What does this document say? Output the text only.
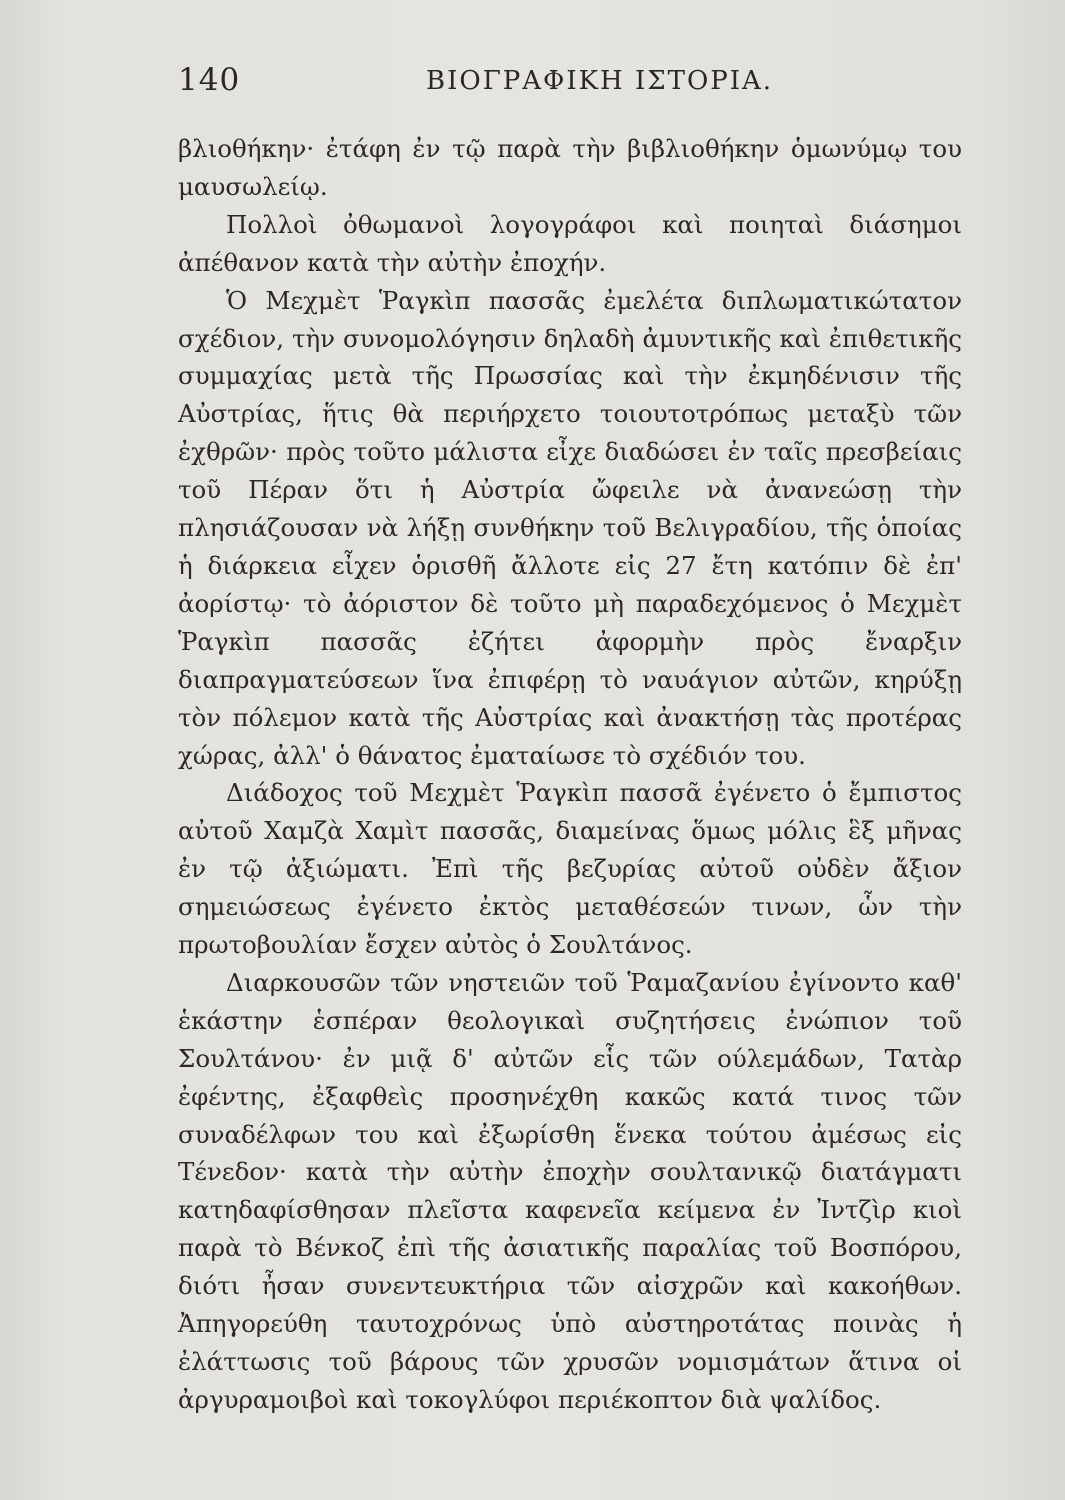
140	ΒΙΟΓΡΑΦΙΚΗ ΙΣΤΟΡΙΑ.

βλιοθήκην· ἐτάφη ἐν τῷ παρὰ τὴν βιβλιοθήκην ὁμωνύμῳ του μαυσωλείῳ.

Πολλοὶ ὀθωμανοὶ λογογράφοι καὶ ποιηταὶ διάσημοι ἀπέθανον κατὰ τὴν αὐτὴν ἐποχήν.

Ὁ Μεχμὲτ Ῥαγκὶπ πασσᾶς ἐμελέτα διπλωματικώτατον σχέδιον, τὴν συνομολόγησιν δηλαδὴ ἀμυντικῆς καὶ ἐπιθετικῆς συμμαχίας μετὰ τῆς Πρωσσίας καὶ τὴν ἐκμηδένισιν τῆς Αὐστρίας, ἥτις θὰ περιήρχετο τοιουτοτρόπως μεταξὺ τῶν ἐχθρῶν· πρὸς τοῦτο μάλιστα εἶχε διαδώσει ἐν ταῖς πρεσβείαις τοῦ Πέραν ὅτι ἡ Αὐστρία ὤφειλε νὰ ἀνανεώσῃ τὴν πλησιάζουσαν νὰ λήξῃ συνθήκην τοῦ Βελιγραδίου, τῆς ὁποίας ἡ διάρκεια εἶχεν ὁρισθῆ ἄλλοτε εἰς 27 ἔτη κατόπιν δὲ ἐπ' ἀορίστῳ· τὸ ἀόριστον δὲ τοῦτο μὴ παραδεχόμενος ὁ Μεχμὲτ Ῥαγκὶπ πασσᾶς ἐζήτει ἀφορμὴν πρὸς ἔναρξιν διαπραγματεύσεων ἵνα ἐπιφέρῃ τὸ ναυάγιον αὐτῶν, κηρύξῃ τὸν πόλεμον κατὰ τῆς Αὐστρίας καὶ ἀνακτήσῃ τὰς προτέρας χώρας, ἀλλ' ὁ θάνατος ἐματαίωσε τὸ σχέδιόν του.

Διάδοχος τοῦ Μεχμὲτ Ῥαγκὶπ πασσᾶ ἐγένετο ὁ ἔμπιστος αὐτοῦ Χαμζὰ Χαμὶτ πασσᾶς, διαμείνας ὅμως μόλις ἓξ μῆνας ἐν τῷ ἀξιώματι. Ἐπὶ τῆς βεζυρίας αὐτοῦ οὐδὲν ἄξιον σημειώσεως ἐγένετο ἐκτὸς μεταθέσεών τινων, ὧν τὴν πρωτοβουλίαν ἔσχεν αὐτὸς ὁ Σουλτάνος.

Διαρκουσῶν τῶν νηστειῶν τοῦ Ῥαμαζανίου ἐγίνοντο καθ' ἑκάστην ἑσπέραν θεολογικαὶ συζητήσεις ἐνώπιον τοῦ Σουλτάνου· ἐν μιᾷ δ' αὐτῶν εἷς τῶν ούλεμάδων, Τατὰρ ἐφέντης, ἐξαφθεὶς προσηνέχθη κακῶς κατά τινος τῶν συναδέλφων του καὶ ἐξωρίσθη ἕνεκα τούτου ἀμέσως εἰς Τένεδον· κατὰ τὴν αὐτὴν ἐποχὴν σουλτανικῷ διατάγματι κατηδαφίσθησαν πλεῖστα καφενεῖα κείμενα ἐν Ἰντζὶρ κιοὶ παρὰ τὸ Βένκοζ ἐπὶ τῆς ἀσιατικῆς παραλίας τοῦ Βοσπόρου, διότι ἦσαν συνεντευκτήρια τῶν αἰσχρῶν καὶ κακοήθων. Ἀπηγορεύθη ταυτοχρόνως ὑπὸ αὐστηροτάτας ποινὰς ἡ ἐλάττωσις τοῦ βάρους τῶν χρυσῶν νομισμάτων ἅτινα οἱ ἀργυραμοιβοὶ καὶ τοκογλύφοι περιέκοπτον διὰ ψαλίδος.
